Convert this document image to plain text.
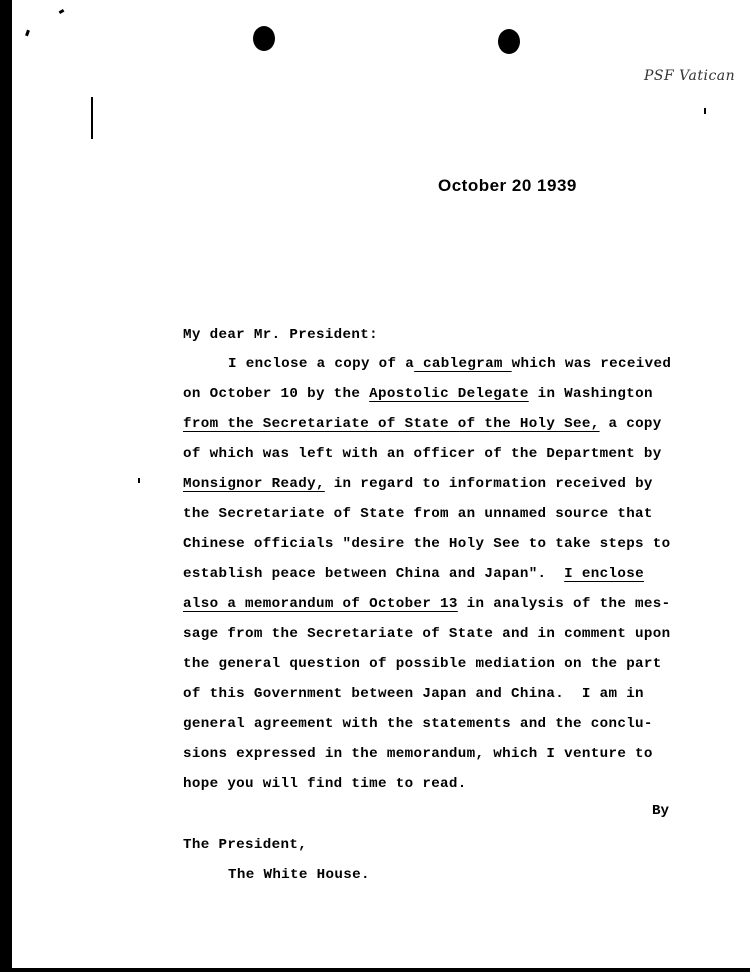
PSF Vatican
October 20 1939
My dear Mr. President:
I enclose a copy of a cablegram which was received
on October 10 by the Apostolic Delegate in Washington
from the Secretariate of State of the Holy See, a copy
of which was left with an officer of the Department by
Monsignor Ready, in regard to information received by
the Secretariate of State from an unnamed source that
Chinese officials "desire the Holy See to take steps to
establish peace between China and Japan".  I enclose
also a memorandum of October 13 in analysis of the mes-
sage from the Secretariate of State and in comment upon
the general question of possible mediation on the part
of this Government between Japan and China.  I am in
general agreement with the statements and the conclu-
sions expressed in the memorandum, which I venture to
hope you will find time to read.
By
The President,
The White House.
